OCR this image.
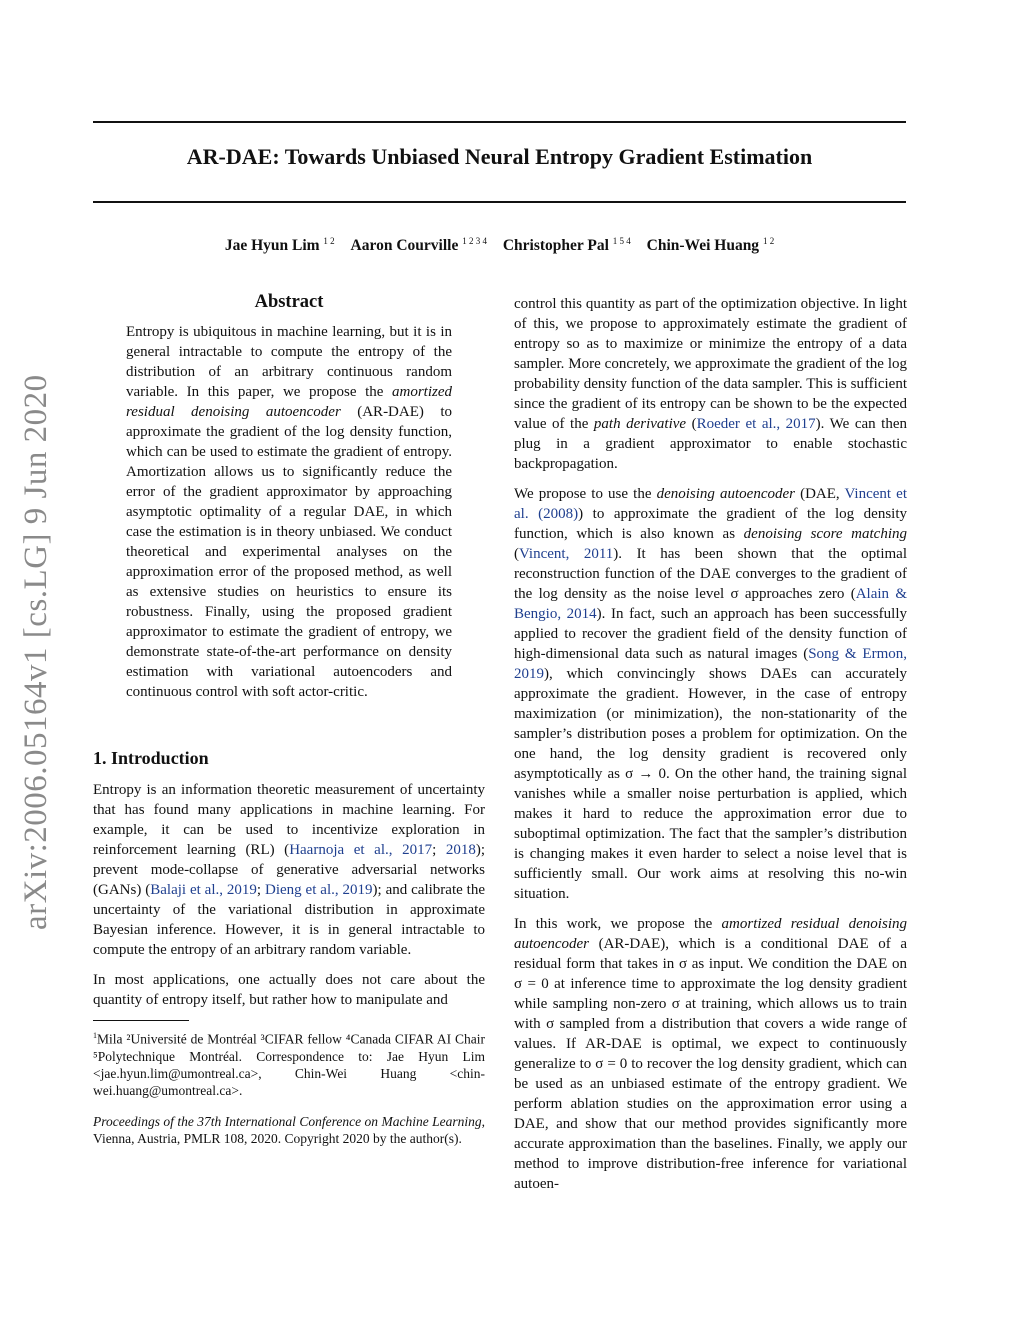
AR-DAE: Towards Unbiased Neural Entropy Gradient Estimation
Jae Hyun Lim $^{1 2}$ Aaron Courville $^{1 2 3 4}$ Christopher Pal $^{1 5 4}$ Chin-Wei Huang $^{1 2}$
arXiv:2006.05164v1 [cs.LG] 9 Jun 2020
Abstract
Entropy is ubiquitous in machine learning, but it is in general intractable to compute the entropy of the distribution of an arbitrary continuous random variable. In this paper, we propose the amortized residual denoising autoencoder (AR-DAE) to approximate the gradient of the log density function, which can be used to estimate the gradient of entropy. Amortization allows us to significantly reduce the error of the gradient approximator by approaching asymptotic optimality of a regular DAE, in which case the estimation is in theory unbiased. We conduct theoretical and experimental analyses on the approximation error of the proposed method, as well as extensive studies on heuristics to ensure its robustness. Finally, using the proposed gradient approximator to estimate the gradient of entropy, we demonstrate state-of-the-art performance on density estimation with variational autoencoders and continuous control with soft actor-critic.
1. Introduction

Entropy is an information theoretic measurement of uncertainty that has found many applications in machine learning. For example, it can be used to incentivize exploration in reinforcement learning (RL) (Haarnoja et al., 2017; 2018); prevent mode-collapse of generative adversarial networks (GANs) (Balaji et al., 2019; Dieng et al., 2019); and calibrate the uncertainty of the variational distribution in approximate Bayesian inference. However, it is in general intractable to compute the entropy of an arbitrary random variable.

In most applications, one actually does not care about the quantity of entropy itself, but rather how to manipulate and

$^1$Mila ²Université de Montréal ³CIFAR fellow ⁴Canada CIFAR AI Chair ⁵Polytechnique Montréal. Correspondence to: Jae Hyun Lim <jae.hyun.lim@umontreal.ca>, Chin-Wei Huang <chin-wei.huang@umontreal.ca>.
Proceedings of the 37th International Conference on Machine Learning, Vienna, Austria, PMLR 108, 2020. Copyright 2020 by the author(s).

control this quantity as part of the optimization objective. In light of this, we propose to approximately estimate the gradient of entropy so as to maximize or minimize the entropy of a data sampler. More concretely, we approximate the gradient of the log probability density function of the data sampler. This is sufficient since the gradient of its entropy can be shown to be the expected value of the path derivative (Roeder et al., 2017). We can then plug in a gradient approximator to enable stochastic backpropagation.

We propose to use the denoising autoencoder (DAE, Vincent et al. (2008)) to approximate the gradient of the log density function, which is also known as denoising score matching (Vincent, 2011). It has been shown that the optimal reconstruction function of the DAE converges to the gradient of the log density as the noise level σ approaches zero (Alain & Bengio, 2014). In fact, such an approach has been successfully applied to recover the gradient field of the density function of high-dimensional data such as natural images (Song & Ermon, 2019), which convincingly shows DAEs can accurately approximate the gradient. However, in the case of entropy maximization (or minimization), the non-stationarity of the sampler’s distribution poses a problem for optimization. On the one hand, the log density gradient is recovered only asymptotically as σ → 0. On the other hand, the training signal vanishes while a smaller noise perturbation is applied, which makes it hard to reduce the approximation error due to suboptimal optimization. The fact that the sampler’s distribution is changing makes it even harder to select a noise level that is sufficiently small. Our work aims at resolving this no-win situation.

In this work, we propose the amortized residual denoising autoencoder (AR-DAE), which is a conditional DAE of a residual form that takes in σ as input. We condition the DAE on σ = 0 at inference time to approximate the log density gradient while sampling non-zero σ at training, which allows us to train with σ sampled from a distribution that covers a wide range of values. If AR-DAE is optimal, we expect to continuously generalize to σ = 0 to recover the log density gradient, which can be used as an unbiased estimate of the entropy gradient. We perform ablation studies on the approximation error using a DAE, and show that our method provides significantly more accurate approximation than the baselines. Finally, we apply our method to improve distribution-free inference for variational autoen-
